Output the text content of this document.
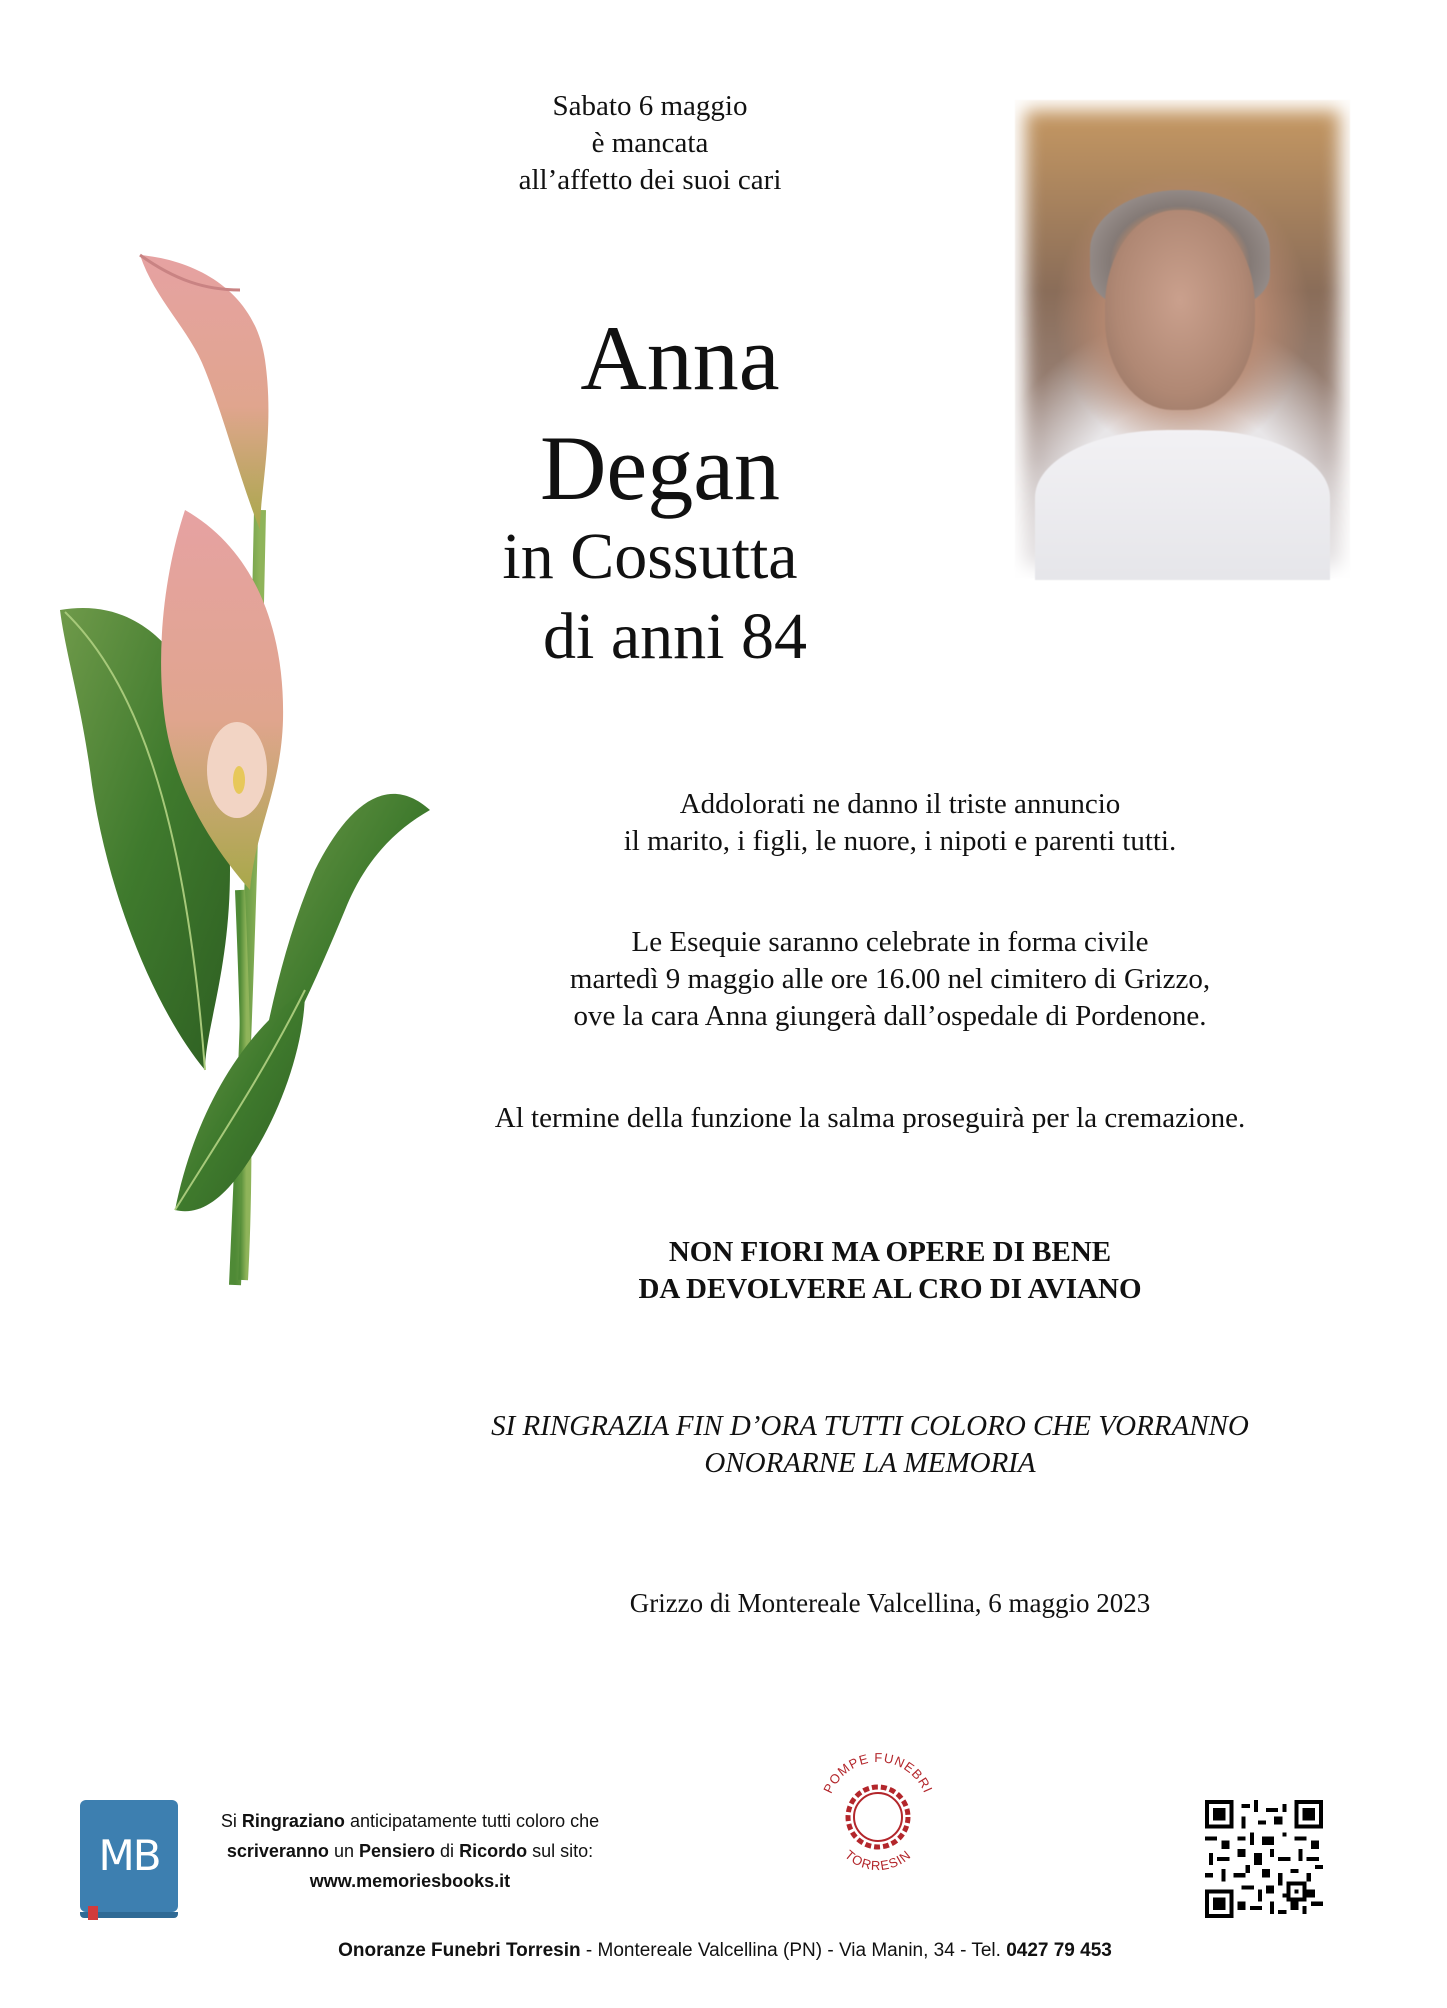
Sabato 6 maggio
è mancata
all’affetto dei suoi cari
Anna
Degan
in Cossutta
di anni 84
Addolorati ne danno il triste annuncio
il marito, i figli, le nuore, i nipoti e parenti tutti.
Le Esequie saranno celebrate in forma civile
martedì 9 maggio alle ore 16.00 nel cimitero di Grizzo,
ove la cara Anna giungerà dall’ospedale di Pordenone.
Al termine della funzione la salma proseguirà per la cremazione.
NON FIORI MA OPERE DI BENE
DA DEVOLVERE AL CRO DI AVIANO
SI RINGRAZIA FIN D’ORA TUTTI COLORO CHE VORRANNO
ONORARNE LA MEMORIA
Grizzo di Montereale Valcellina, 6 maggio 2023
MB
Si Ringraziano anticipatamente tutti coloro che
scriveranno un Pensiero di Ricordo sul sito:
www.memoriesbooks.it
POMPE FUNEBRI
TORRESIN
Onoranze Funebri Torresin - Montereale Valcellina (PN) - Via Manin, 34 - Tel. 0427 79 453
